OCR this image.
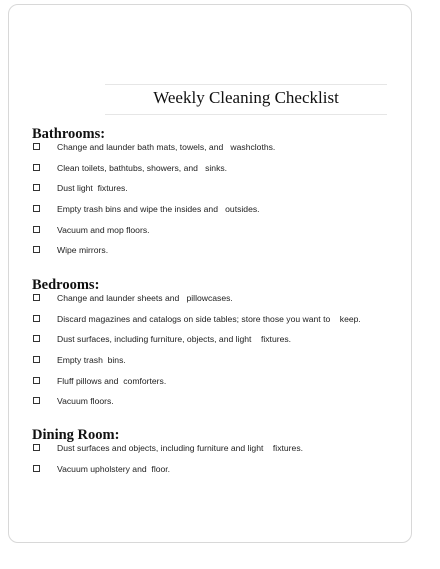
Weekly Cleaning Checklist
Bathrooms:

Change and launder bath mats, towels, and   washcloths.

Clean toilets, bathtubs, showers, and   sinks.

Dust light  fixtures.

Empty trash bins and wipe the insides and   outsides.

Vacuum and mop floors.

Wipe mirrors.

Bedrooms:

Change and launder sheets and   pillowcases.

Discard magazines and catalogs on side tables; store those you want to    keep.

Dust surfaces, including furniture, objects, and light    fixtures.

Empty trash  bins.

Fluff pillows and  comforters.

Vacuum floors.

Dining Room:

Dust surfaces and objects, including furniture and light    fixtures.

Vacuum upholstery and  floor.
